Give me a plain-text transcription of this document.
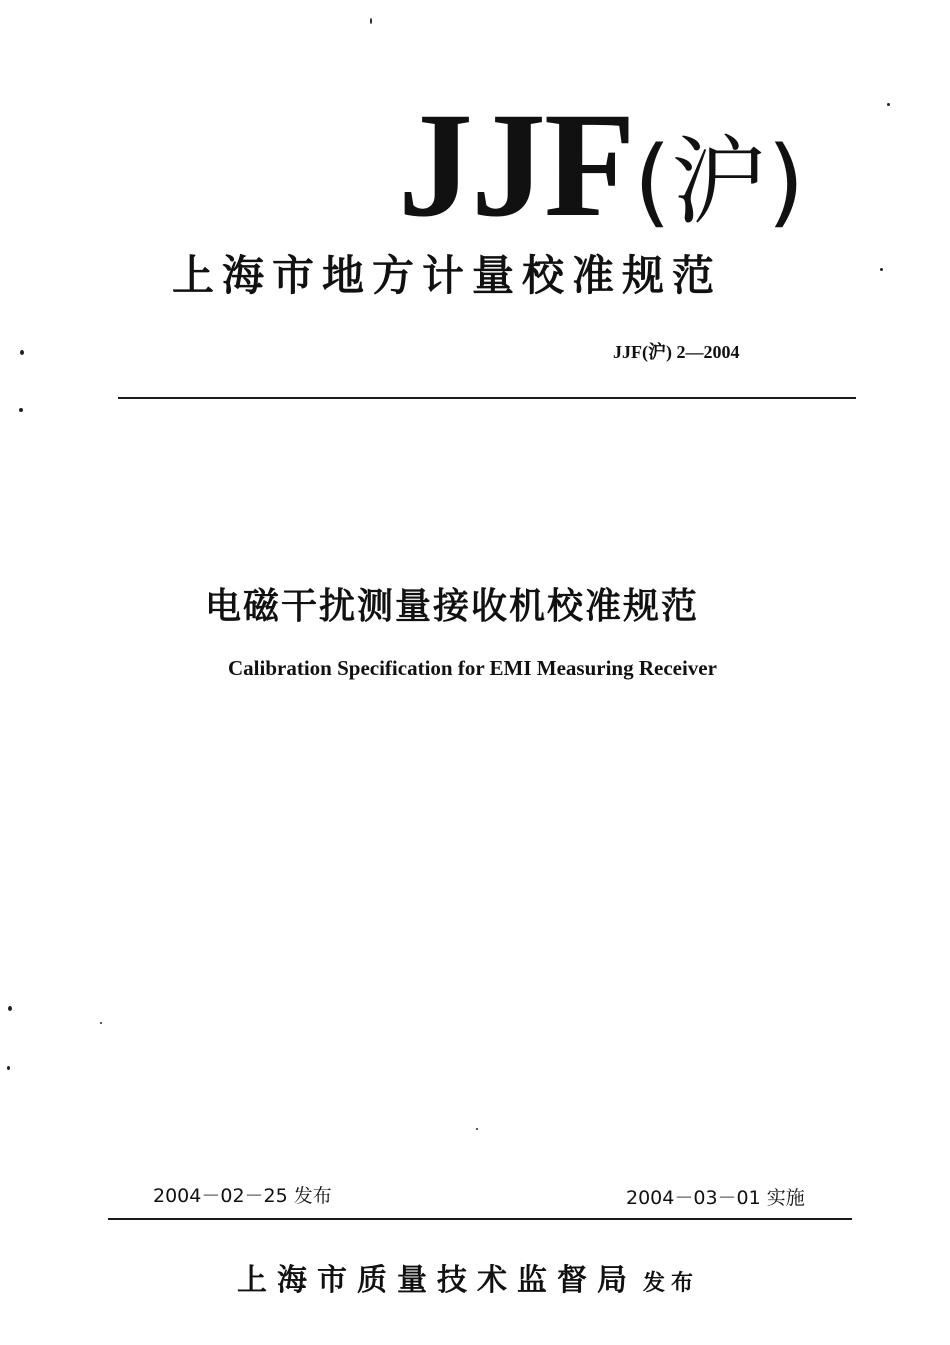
JJF(沪)
上海市地方计量校准规范
JJF(沪) 2—2004
电磁干扰测量接收机校准规范
Calibration Specification for EMI Measuring Receiver
2004－02－25 发布	2004－03－01 实施
上海市质量技术监督局 发布
